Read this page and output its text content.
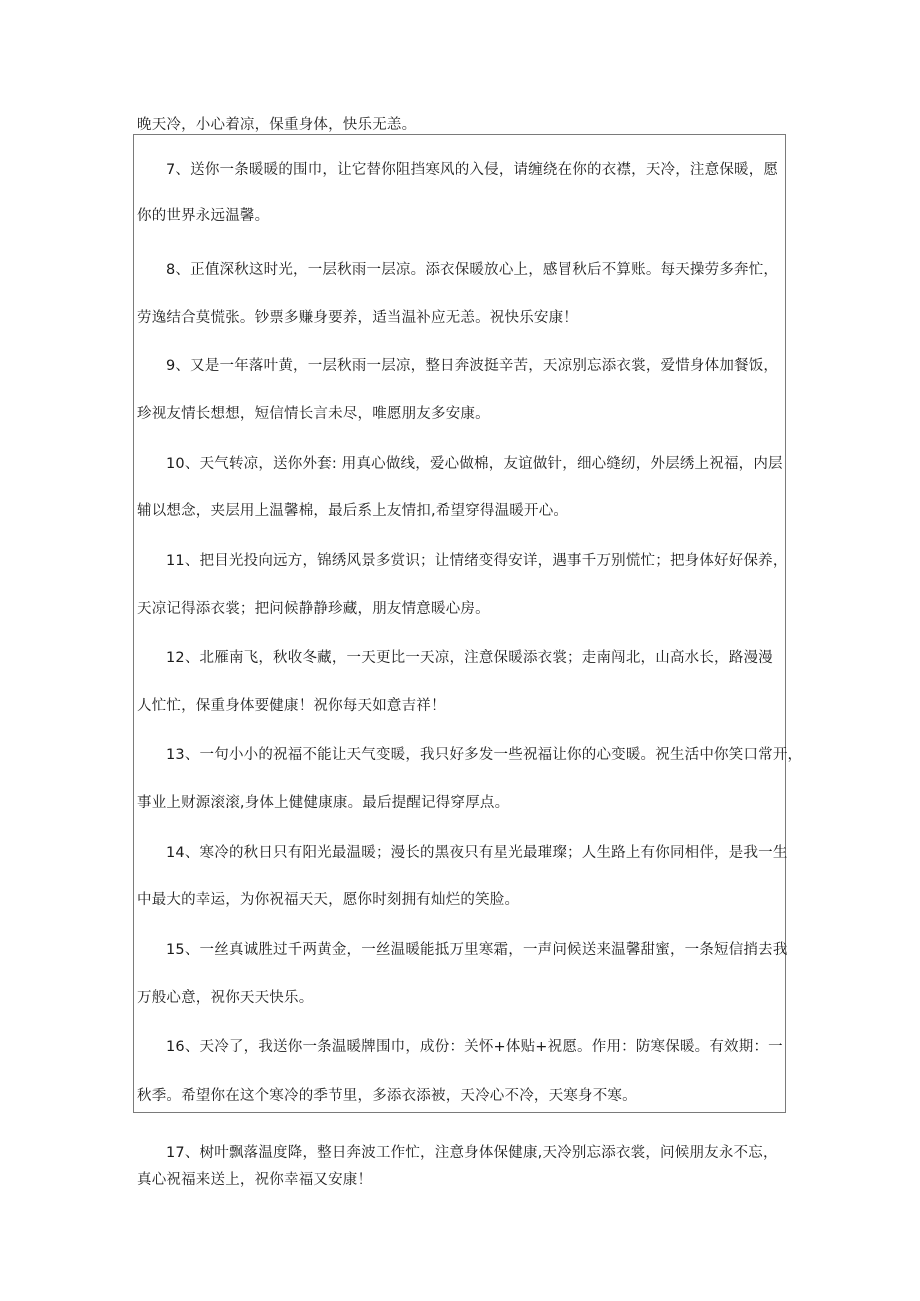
晚天冷，小心着凉，保重身体，快乐无恙。
7、送你一条暖暖的围巾，让它替你阻挡寒风的入侵，请缠绕在你的衣襟，天冷，注意保暖，愿
你的世界永远温馨。
8、正值深秋这时光，一层秋雨一层凉。添衣保暖放心上，感冒秋后不算账。每天操劳多奔忙，
劳逸结合莫慌张。钞票多赚身要养，适当温补应无恙。祝快乐安康！
9、又是一年落叶黄，一层秋雨一层凉，整日奔波挺辛苦，天凉别忘添衣裳，爱惜身体加餐饭，
珍视友情长想想，短信情长言未尽，唯愿朋友多安康。
10、天气转凉，送你外套: 用真心做线，爱心做棉，友谊做针，细心缝纫，外层绣上祝福，内层
辅以想念，夹层用上温馨棉，最后系上友情扣,希望穿得温暖开心。
11、把目光投向远方，锦绣风景多赏识；让情绪变得安详，遇事千万别慌忙；把身体好好保养，
天凉记得添衣裳；把问候静静珍藏，朋友情意暖心房。
12、北雁南飞，秋收冬藏，一天更比一天凉，注意保暖添衣裳；走南闯北，山高水长，路漫漫
人忙忙，保重身体要健康！祝你每天如意吉祥！
13、一句小小的祝福不能让天气变暖，我只好多发一些祝福让你的心变暖。祝生活中你笑口常开，
事业上财源滚滚,身体上健健康康。最后提醒记得穿厚点。
14、寒冷的秋日只有阳光最温暖；漫长的黑夜只有星光最璀璨；人生路上有你同相伴，是我一生
中最大的幸运，为你祝福天天，愿你时刻拥有灿烂的笑脸。
15、一丝真诚胜过千两黄金，一丝温暖能抵万里寒霜，一声问候送来温馨甜蜜，一条短信捎去我
万般心意，祝你天天快乐。
16、天冷了，我送你一条温暖牌围巾，成份：关怀+体贴+祝愿。作用：防寒保暖。有效期：一
秋季。希望你在这个寒冷的季节里，多添衣添被，天冷心不冷，天寒身不寒。
17、树叶飘落温度降，整日奔波工作忙，注意身体保健康,天冷别忘添衣裳，问候朋友永不忘，
真心祝福来送上，祝你幸福又安康！
